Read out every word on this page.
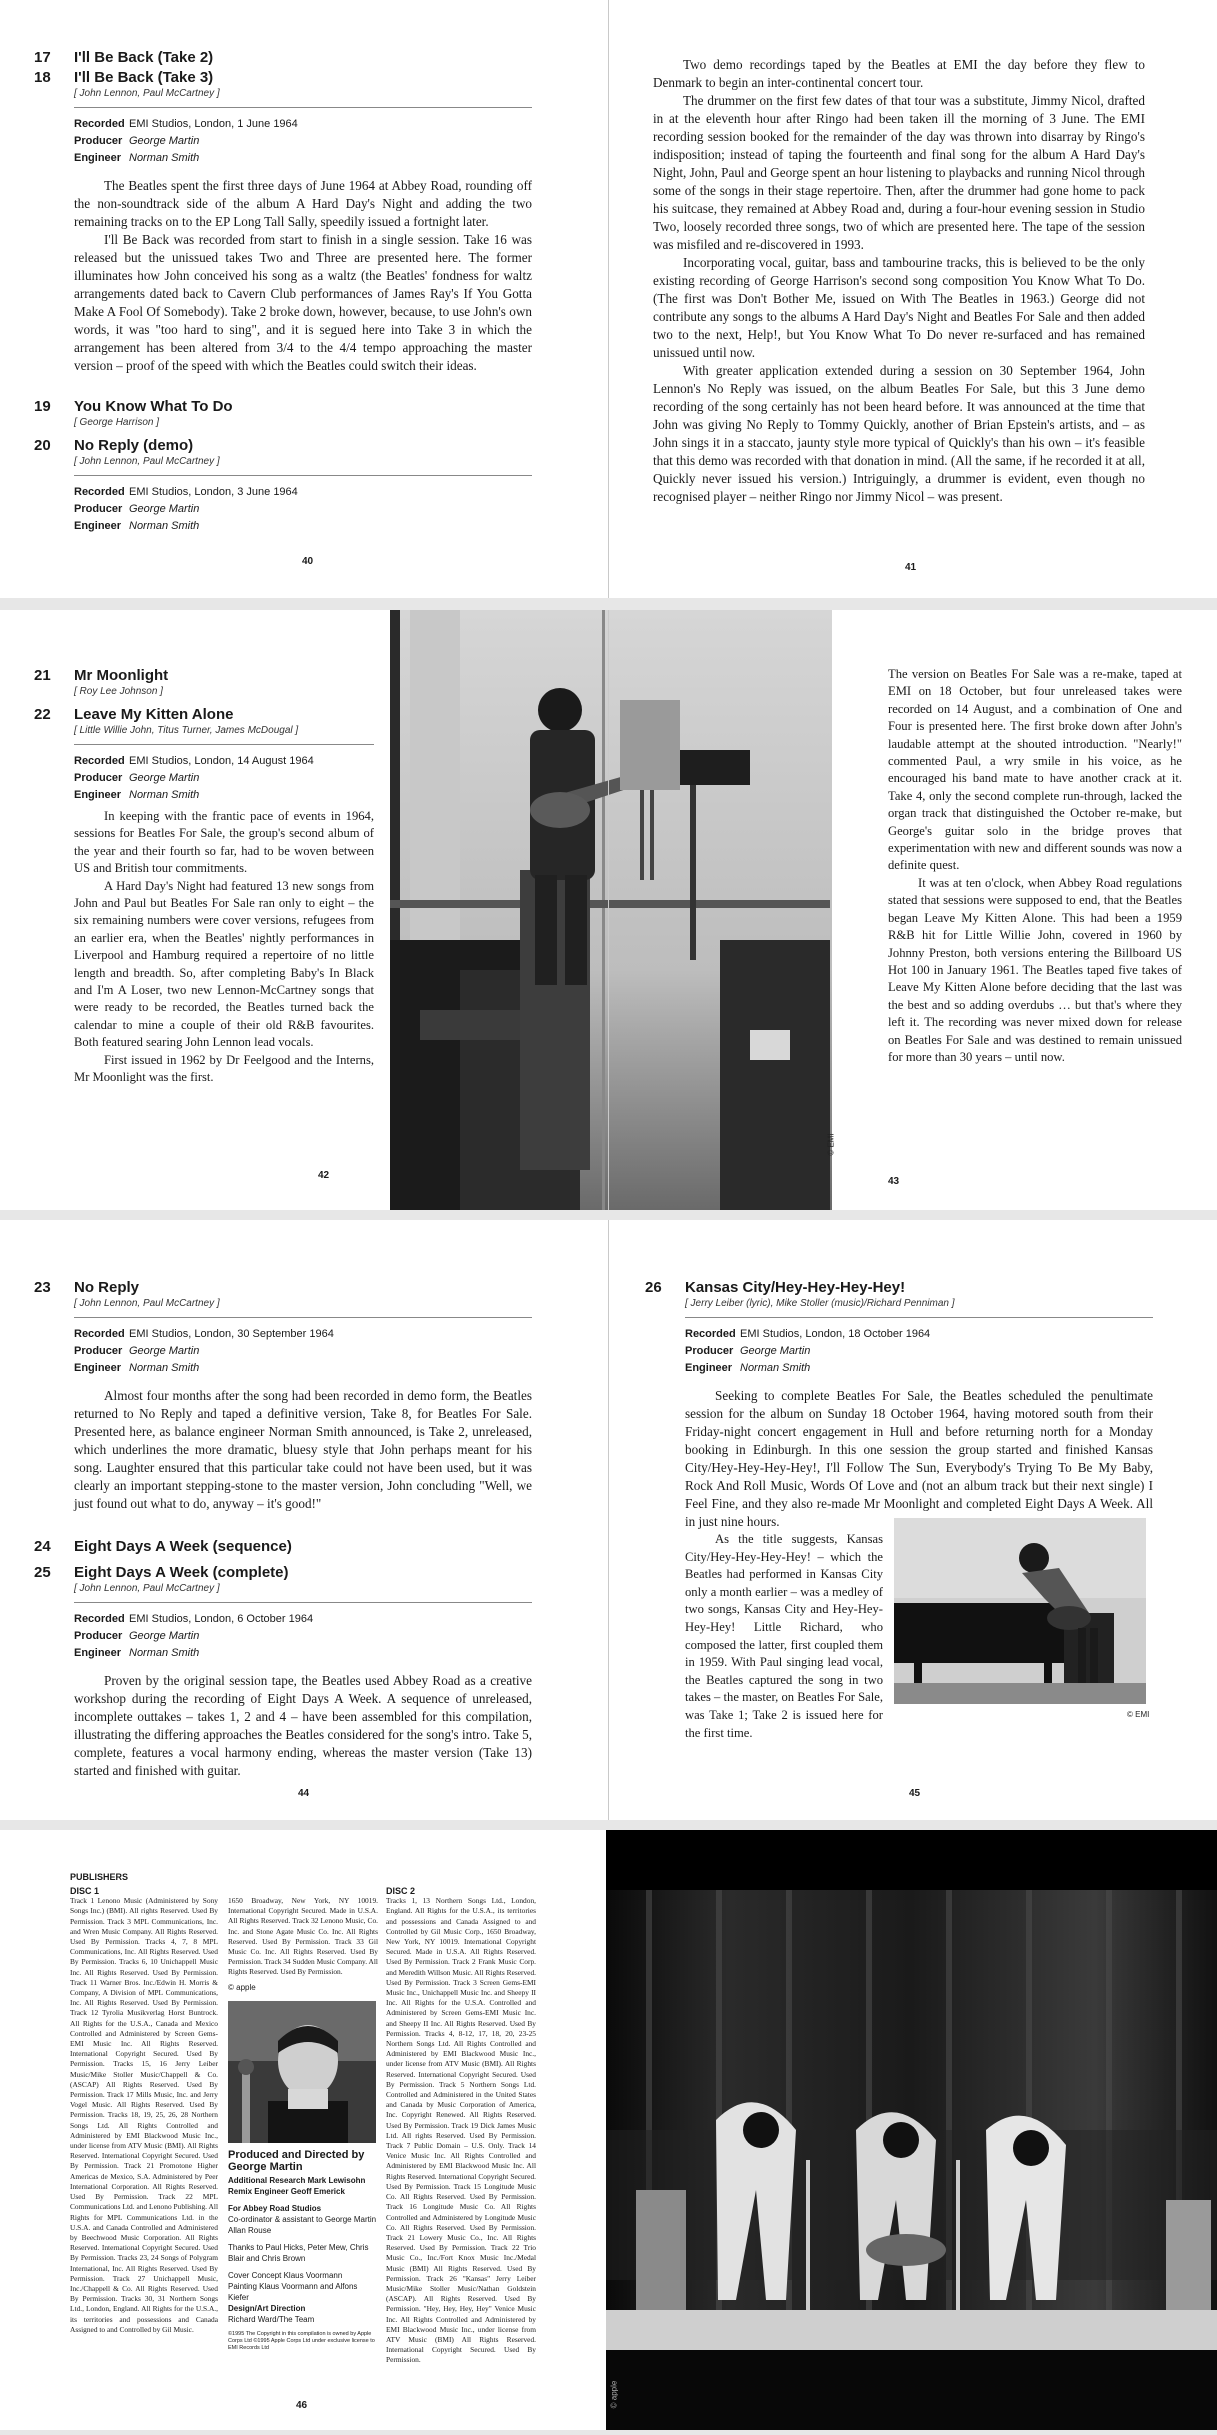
17	I'll Be Back (Take 2)
18	I'll Be Back (Take 3)
[ John Lennon, Paul McCartney ]
Recorded EMI Studios, London, 1 June 1964
Producer George Martin
Engineer Norman Smith

The Beatles spent the first three days of June 1964 at Abbey Road, rounding off the non-soundtrack side of the album A Hard Day's Night and adding the two remaining tracks on to the EP Long Tall Sally, speedily issued a fortnight later.

I'll Be Back was recorded from start to finish in a single session. Take 16 was released but the unissued takes Two and Three are presented here. The former illuminates how John conceived his song as a waltz (the Beatles' fondness for waltz arrangements dated back to Cavern Club performances of James Ray's If You Gotta Make A Fool Of Somebody). Take 2 broke down, however, because, to use John's own words, it was "too hard to sing", and it is segued here into Take 3 in which the arrangement has been altered from 3/4 to the 4/4 tempo approaching the master version – proof of the speed with which the Beatles could switch their ideas.

19	You Know What To Do
[ George Harrison ]
20	No Reply (demo)
[ John Lennon, Paul McCartney ]
Recorded EMI Studios, London, 3 June 1964
Producer George Martin
Engineer Norman Smith
40

Two demo recordings taped by the Beatles at EMI the day before they flew to Denmark to begin an inter-continental concert tour.

The drummer on the first few dates of that tour was a substitute, Jimmy Nicol, drafted in at the eleventh hour after Ringo had been taken ill the morning of 3 June. The EMI recording session booked for the remainder of the day was thrown into disarray by Ringo's indisposition; instead of taping the fourteenth and final song for the album A Hard Day's Night, John, Paul and George spent an hour listening to playbacks and running Nicol through some of the songs in their stage repertoire. Then, after the drummer had gone home to pack his suitcase, they remained at Abbey Road and, during a four-hour evening session in Studio Two, loosely recorded three songs, two of which are presented here. The tape of the session was misfiled and re-discovered in 1993.

Incorporating vocal, guitar, bass and tambourine tracks, this is believed to be the only existing recording of George Harrison's second song composition You Know What To Do. (The first was Don't Bother Me, issued on With The Beatles in 1963.) George did not contribute any songs to the albums A Hard Day's Night and Beatles For Sale and then added two to the next, Help!, but You Know What To Do never re-surfaced and has remained unissued until now.

With greater application extended during a session on 30 September 1964, John Lennon's No Reply was issued, on the album Beatles For Sale, but this 3 June demo recording of the song certainly has not been heard before. It was announced at the time that John was giving No Reply to Tommy Quickly, another of Brian Epstein's artists, and – as John sings it in a staccato, jaunty style more typical of Quickly's than his own – it's feasible that this demo was recorded with that donation in mind. (All the same, if he recorded it at all, Quickly never issued his version.) Intriguingly, a drummer is evident, even though no recognised player – neither Ringo nor Jimmy Nicol – was present.

41
21	Mr Moonlight
[ Roy Lee Johnson ]
22	Leave My Kitten Alone
[ Little Willie John, Titus Turner, James McDougal ]
Recorded EMI Studios, London, 14 August 1964
Producer George Martin
Engineer Norman Smith

In keeping with the frantic pace of events in 1964, sessions for Beatles For Sale, the group's second album of the year and their fourth so far, had to be woven between US and British tour commitments.

A Hard Day's Night had featured 13 new songs from John and Paul but Beatles For Sale ran only to eight – the six remaining numbers were cover versions, refugees from an earlier era, when the Beatles' nightly performances in Liverpool and Hamburg required a repertoire of no little length and breadth. So, after completing Baby's In Black and I'm A Loser, two new Lennon-McCartney songs that were ready to be recorded, the Beatles turned back the calendar to mine a couple of their old R&B favourites. Both featured searing John Lennon lead vocals.

First issued in 1962 by Dr Feelgood and the Interns, Mr Moonlight was the first.

42

The version on Beatles For Sale was a re-make, taped at EMI on 18 October, but four unreleased takes were recorded on 14 August, and a combination of One and Four is presented here. The first broke down after John's laudable attempt at the shouted introduction. "Nearly!" commented Paul, a wry smile in his voice, as he encouraged his band mate to have another crack at it. Take 4, only the second complete run-through, lacked the organ track that distinguished the October re-make, but George's guitar solo in the bridge proves that experimentation with new and different sounds was now a definite quest.

It was at ten o'clock, when Abbey Road regulations stated that sessions were supposed to end, that the Beatles began Leave My Kitten Alone. This had been a 1959 R&B hit for Little Willie John, covered in 1960 by Johnny Preston, both versions entering the Billboard US Hot 100 in January 1961. The Beatles taped five takes of Leave My Kitten Alone before deciding that the last was the best and so adding overdubs … but that's where they left it. The recording was never mixed down for release on Beatles For Sale and was destined to remain unissued for more than 30 years – until now.

43
© EMI
23	No Reply
[ John Lennon, Paul McCartney ]
Recorded EMI Studios, London, 30 September 1964
Producer George Martin
Engineer Norman Smith

Almost four months after the song had been recorded in demo form, the Beatles returned to No Reply and taped a definitive version, Take 8, for Beatles For Sale. Presented here, as balance engineer Norman Smith announced, is Take 2, unreleased, which underlines the more dramatic, bluesy style that John perhaps meant for his song. Laughter ensured that this particular take could not have been used, but it was clearly an important stepping-stone to the master version, John concluding "Well, we just found out what to do, anyway – it's good!"

24	Eight Days A Week (sequence)
25	Eight Days A Week (complete)
[ John Lennon, Paul McCartney ]
Recorded EMI Studios, London, 6 October 1964
Producer George Martin
Engineer Norman Smith

Proven by the original session tape, the Beatles used Abbey Road as a creative workshop during the recording of Eight Days A Week. A sequence of unreleased, incomplete outtakes – takes 1, 2 and 4 – have been assembled for this compilation, illustrating the differing approaches the Beatles considered for the song's intro. Take 5, complete, features a vocal harmony ending, whereas the master version (Take 13) started and finished with guitar.

44
26	Kansas City/Hey-Hey-Hey-Hey!
[ Jerry Leiber (lyric), Mike Stoller (music)/Richard Penniman ]
Recorded EMI Studios, London, 18 October 1964
Producer George Martin
Engineer Norman Smith

Seeking to complete Beatles For Sale, the Beatles scheduled the penultimate session for the album on Sunday 18 October 1964, having motored south from their Friday-night concert engagement in Hull and before returning north for a Monday booking in Edinburgh. In this one session the group started and finished Kansas City/Hey-Hey-Hey-Hey!, I'll Follow The Sun, Everybody's Trying To Be My Baby, Rock And Roll Music, Words Of Love and (not an album track but their next single) I Feel Fine, and they also re-made Mr Moonlight and completed Eight Days A Week. All in just nine hours.

As the title suggests, Kansas City/Hey-Hey-Hey-Hey! – which the Beatles had performed in Kansas City only a month earlier – was a medley of two songs, Kansas City and Hey-Hey-Hey-Hey! Little Richard, who composed the latter, first coupled them in 1959. With Paul singing lead vocal, the Beatles captured the song in two takes – the master, on Beatles For Sale, was Take 1; Take 2 is issued here for the first time.

© EMI
45
PUBLISHERS
DISC 1
Track 1 Lenono Music (Administered by Sony Songs Inc.) (BMI). All rights Reserved. Used By Permission. Track 3 MPL Communications, Inc. and Wren Music Company. All Rights Reserved. Used By Permission. Tracks 4, 7, 8 MPL Communications, Inc. All Rights Reserved. Used By Permission. Tracks 6, 10 Unichappell Music Inc. All Rights Reserved. Used By Permission. Track 11 Warner Bros. Inc./Edwin H. Morris & Company, A Division of MPL Communications, Inc. All Rights Reserved. Used By Permission. Track 12 Tyrolia Musikverlag Horst Buntrock. All Rights for the U.S.A., Canada and Mexico Controlled and Administered by Screen Gems-EMI Music Inc. All Rights Reserved. International Copyright Secured. Used By Permission. Tracks 15, 16 Jerry Leiber Music/Mike Stoller Music/Chappell & Co. (ASCAP) All Rights Reserved. Used By Permission. Track 17 Mills Music, Inc. and Jerry Vogel Music. All Rights Reserved. Used By Permission. Tracks 18, 19, 25, 26, 28 Northern Songs Ltd. All Rights Controlled and Administered by EMI Blackwood Music Inc., under license from ATV Music (BMI). All Rights Reserved. International Copyright Secured. Used By Permission. Track 21 Promotone Higher Americas de Mexico, S.A. Administered by Peer International Corporation. All Rights Reserved. Used By Permission. Track 22 MPL Communications Ltd. and Lenono Publishing. All Rights for MPL Communications Ltd. in the U.S.A. and Canada Controlled and Administered by Beechwood Music Corporation. All Rights Reserved. International Copyright Secured. Used By Permission. Tracks 23, 24 Songs of Polygram International, Inc. All Rights Reserved. Used By Permission. Track 27 Unichappell Music, Inc./Chappell & Co. All Rights Reserved. Used By Permission. Tracks 30, 31 Northern Songs Ltd., London, England. All Rights for the U.S.A., its territories and possessions and Canada Assigned to and Controlled by Gil Music.
1650 Broadway, New York, NY 10019. International Copyright Secured. Made in U.S.A. All Rights Reserved. Track 32 Lenono Music, Co. Inc. and Stone Agate Music Co. Inc. All Rights Reserved. Used By Permission. Track 33 Gil Music Co. Inc. All Rights Reserved. Used By Permission. Track 34 Sudden Music Company. All Rights Reserved. Used By Permission.
© apple
Produced and Directed by George Martin
Additional Research Mark Lewisohn
Remix Engineer Geoff Emerick
For Abbey Road Studios
Co-ordinator & assistant to George Martin Allan Rouse
Thanks to Paul Hicks, Peter Mew, Chris Blair and Chris Brown
Cover Concept Klaus Voormann
Painting Klaus Voormann and Alfons Kiefer
Design/Art Direction
Richard Ward/The Team
©1995 The Copyright in this compilation is owned by Apple Corps Ltd ©1995 Apple Corps Ltd under exclusive license to EMI Records Ltd
DISC 2
Tracks 1, 13 Northern Songs Ltd., London, England. All Rights for the U.S.A., its territories and possessions and Canada Assigned to and Controlled by Gil Music Corp., 1650 Broadway, New York, NY 10019. International Copyright Secured. Made in U.S.A. All Rights Reserved. Used By Permission. Track 2 Frank Music Corp. and Meredith Willson Music. All Rights Reserved. Used By Permission. Track 3 Screen Gems-EMI Music Inc., Unichappell Music Inc. and Sheepy II Inc. All Rights for the U.S.A. Controlled and Administered by Screen Gems-EMI Music Inc. and Sheepy II Inc. All Rights Reserved. Used By Permission. Tracks 4, 8-12, 17, 18, 20, 23-25 Northern Songs Ltd. All Rights Controlled and Administered by EMI Blackwood Music Inc., under license from ATV Music (BMI). All Rights Reserved. International Copyright Secured. Used By Permission. Track 5 Northern Songs Ltd. Controlled and Administered in the United States and Canada by Music Corporation of America, Inc. Copyright Renewed. All Rights Reserved. Used By Permission. Track 19 Dick James Music Ltd. All rights Reserved. Used By Permission. Track 7 Public Domain – U.S. Only. Track 14 Venice Music Inc. All Rights Controlled and Administered by EMI Blackwood Music Inc. All Rights Reserved. International Copyright Secured. Used By Permission. Track 15 Longitude Music Co. All Rights Reserved. Used By Permission. Track 16 Longitude Music Co. All Rights Controlled and Administered by Longitude Music Co. All Rights Reserved. Used By Permission. Track 21 Lowery Music Co., Inc. All Rights Reserved. Used By Permission. Track 22 Trio Music Co., Inc./Fort Knox Music Inc./Medal Music (BMI) All Rights Reserved. Used By Permission. Track 26 "Kansas" Jerry Leiber Music/Mike Stoller Music/Nathan Goldstein (ASCAP). All Rights Reserved. Used By Permission. "Hey, Hey, Hey, Hey" Venice Music Inc. All Rights Controlled and Administered by EMI Blackwood Music Inc., under license from ATV Music (BMI) All Rights Reserved. International Copyright Secured. Used By Permission.
46	© apple
